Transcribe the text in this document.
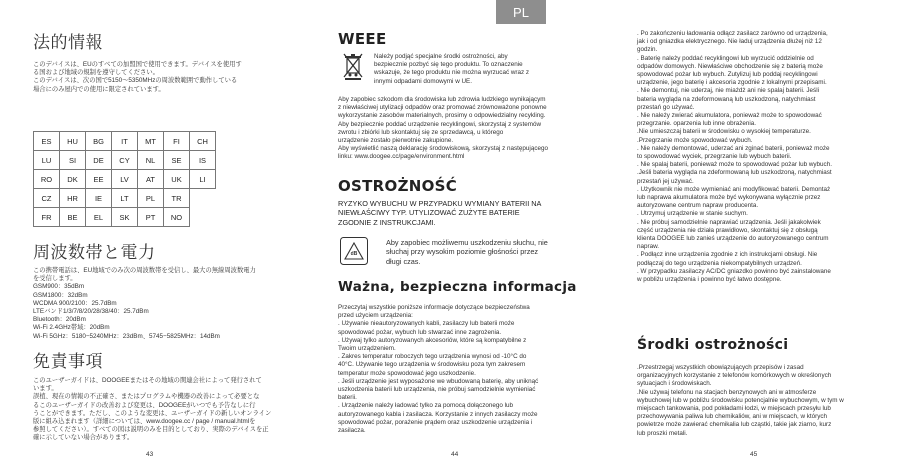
PL
法的情報
このデバイスは、EUのすべての加盟国で使用できます。デバイスを使用す
る国および地域の規制を遵守してください。
このデバイスは、次の国で5150〜5350MHzの周波数範囲で動作している
場合にのみ屋内での使用に限定されています。
ES	HU	BG	IT	MT	FI	CH
LU	SI	DE	CY	NL	SE	IS
RO	DK	EE	LV	AT	UK	LI
CZ	HR	IE	LT	PL	TR	
FR	BE	EL	SK	PT	NO	
周波数帯と電力
この携帯電話は、EU地域でのみ次の周波数帯を受信し、最大の無線周波数電力
を受信します。
GSM900：35dBm
GSM1800：32dBm
WCDMA 900/2100：25.7dBm
LTEバンド1/3/7/8/20/28/38/40：25.7dBm
Bluetooth：20dBm
Wi-Fi 2.4GHz帯域：20dBm
Wi-Fi 5GHz：5180−5240MHz：23dBm、5745−5825MHz：14dBm
免責事項
このユーザーガイドは、DOOGEEまたはその地域の関連会社によって発行されて
います。
誤植、現在の情報の不正確さ、またはプログラムや機器の改善によって必要とな
るこのユーザーガイドの改善および変更は、DOOGEEがいつでも予告なしに行
うことができます。ただし、このような変更は、ユーザーガイドの新しいオンライン
版に組み込まれます（詳細については、www.doogee.cc / page / manual.htmlを
参照してください）。すべての図は説明のみを目的としており、実際のデバイスを正
確に示していない場合があります。
43
WEEE
Należy podjąć specjalne środki ostrożności, aby
bezpiecznie pozbyć się tego produktu. To oznaczenie
wskazuje, że tego produktu nie można wyrzucać wraz z
innymi odpadami domowymi w UE.
Aby zapobiec szkodom dla środowiska lub zdrowia ludzkiego wynikającym
z niewłaściwej utylizacji odpadów oraz promować zrównoważone ponowne
wykorzystanie zasobów materialnych, prosimy o odpowiedzialny recykling.
Aby bezpiecznie poddać urządzenie recyklingowi, skorzystaj z systemów
zwrotu i zbiórki lub skontaktuj się ze sprzedawcą, u którego
urządzenie zostało pierwotnie zakupione.
Aby wyświetlić naszą deklarację środowiskową, skorzystaj z następującego
linku: www.doogee.cc/page/environment.html
OSTROŻNOŚĆ
RYZYKO WYBUCHU W PRZYPADKU WYMIANY BATERII NA
NIEWŁAŚCIWY TYP. UTYLIZOWAĆ ZUŻYTE BATERIE
ZGODNIE Z INSTRUKCJAMI.
dB
Aby zapobiec możliwemu uszkodzeniu słuchu, nie
słuchaj przy wysokim poziomie głośności przez
długi czas.
Ważna, bezpieczna informacja
Przeczytaj wszystkie poniższe informacje dotyczące bezpieczeństwa
przed użyciem urządzenia:
. Używanie nieautoryzowanych kabli, zasilaczy lub baterii może
spowodować pożar, wybuch lub stwarzać inne zagrożenia.
. Używaj tylko autoryzowanych akcesoriów, które są kompatybilne z
Twoim urządzeniem.
. Zakres temperatur roboczych tego urządzenia wynosi od -10°C do
40°C. Używanie tego urządzenia w środowisku poza tym zakresem
temperatur może spowodować jego uszkodzenie.
. Jeśli urządzenie jest wyposażone we wbudowaną baterię, aby uniknąć
uszkodzenia baterii lub urządzenia, nie próbuj samodzielnie wymieniać
baterii.
. Urządzenie należy ładować tylko za pomocą dołączonego lub
autoryzowanego kabla i zasilacza. Korzystanie z innych zasilaczy może
spowodować pożar, porażenie prądem oraz uszkodzenie urządzenia i
zasilacza.
44
. Po zakończeniu ładowania odłącz zasilacz zarówno od urządzenia,
jak i od gniazdka elektrycznego. Nie ładuj urządzenia dłużej niż 12
godzin.
. Baterię należy poddać recyklingowi lub wyrzucić oddzielnie od
odpadów domowych. Niewłaściwe obchodzenie się z baterią może
spowodować pożar lub wybuch. Zutylizuj lub poddaj recyklingowi
urządzenie, jego baterię i akcesoria zgodnie z lokalnymi przepisami.
. Nie demontuj, nie uderzaj, nie miażdż ani nie spalaj baterii. Jeśli
bateria wygląda na zdeformowaną lub uszkodzoną, natychmiast
przestań go używać.
. Nie należy zwierać akumulatora, ponieważ może to spowodować
przegrzanie. oparzenia lub inne obrażenia.
.Nie umieszczaj baterii w środowisku o wysokiej temperaturze.
.Przegrzanie może spowodować wybuch.
. Nie należy demontować, uderzać ani zginać baterii, ponieważ może
to spowodować wyciek, przegrzanie lub wybuch baterii.
. Nie spalaj baterii, ponieważ może to spowodować pożar lub wybuch.
.Jeśli bateria wygląda na zdeformowaną lub uszkodzoną, natychmiast
przestań jej używać.
. Użytkownik nie może wymieniać ani modyfikować baterii. Demontaż
lub naprawa akumulatora może być wykonywana wyłącznie przez
autoryzowane centrum napraw producenta.
. Utrzymuj urządzenie w stanie suchym.
. Nie próbuj samodzielnie naprawiać urządzenia. Jeśli jakakolwiek
część urządzenia nie działa prawidłowo, skontaktuj się z obsługą
klienta DOOGEE lub zanieś urządzenie do autoryzowanego centrum
napraw.
. Podłącz inne urządzenia zgodnie z ich instrukcjami obsługi. Nie
podłączaj do tego urządzenia niekompatybilnych urządzeń.
. W przypadku zasilaczy AC/DC gniazdko powinno być zainstalowane
w pobliżu urządzenia i powinno być łatwo dostępne.
Środki ostrożności
.Przestrzegaj wszystkich obowiązujących przepisów i zasad
organizacyjnych korzystanie z telefonów komórkowych w określonych
sytuacjach i środowiskach.
.Nie używaj telefonu na stacjach benzynowych ani w atmosferze
wybuchowej lub w pobliżu środowisku potencjalnie wybuchowym, w tym w
miejscach tankowania, pod pokładami łodzi, w miejscach przesyłu lub
przechowywania paliwa lub chemikaliów, ani w miejscach, w których
powietrze może zawierać chemikalia lub cząstki, takie jak ziarno, kurz
lub proszki metali.
45
